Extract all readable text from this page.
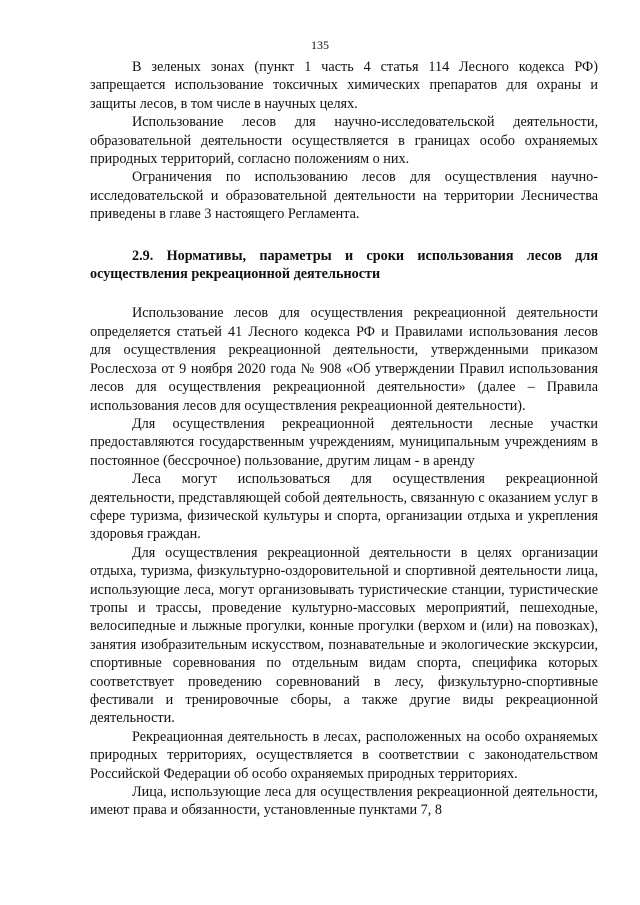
135

В зеленых зонах (пункт 1 часть 4 статья 114 Лесного кодекса РФ) запрещается использование токсичных химических препаратов для охраны и защиты лесов, в том числе в научных целях.

Использование лесов для научно-исследовательской деятельности, образовательной деятельности осуществляется в границах особо охраняемых природных территорий, согласно положениям о них.

Ограничения по использованию лесов для осуществления научно-исследовательской и образовательной деятельности на территории Лесничества приведены в главе 3 настоящего Регламента.

2.9. Нормативы, параметры и сроки использования лесов для осуществления рекреационной деятельности

Использование лесов для осуществления рекреационной деятельности определяется статьей 41 Лесного кодекса РФ и Правилами использования лесов для осуществления рекреационной деятельности, утвержденными приказом Рослесхоза от 9 ноября 2020 года № 908 «Об утверждении Правил использования лесов для осуществления рекреационной деятельности» (далее – Правила использования лесов для осуществления рекреационной деятельности).

Для осуществления рекреационной деятельности лесные участки предоставляются государственным учреждениям, муниципальным учреждениям в постоянное (бессрочное) пользование, другим лицам - в аренду

Леса могут использоваться для осуществления рекреационной деятельности, представляющей собой деятельность, связанную с оказанием услуг в сфере туризма, физической культуры и спорта, организации отдыха и укрепления здоровья граждан.

Для осуществления рекреационной деятельности в целях организации отдыха, туризма, физкультурно-оздоровительной и спортивной деятельности лица, использующие леса, могут организовывать туристические станции, туристические тропы и трассы, проведение культурно-массовых мероприятий, пешеходные, велосипедные и лыжные прогулки, конные прогулки (верхом и (или) на повозках), занятия изобразительным искусством, познавательные и экологические экскурсии, спортивные соревнования по отдельным видам спорта, специфика которых соответствует проведению соревнований в лесу, физкультурно-спортивные фестивали и тренировочные сборы, а также другие виды рекреационной деятельности.

Рекреационная деятельность в лесах, расположенных на особо охраняемых природных территориях, осуществляется в соответствии с законодательством Российской Федерации об особо охраняемых природных территориях.

Лица, использующие леса для осуществления рекреационной деятельности, имеют права и обязанности, установленные пунктами 7, 8
